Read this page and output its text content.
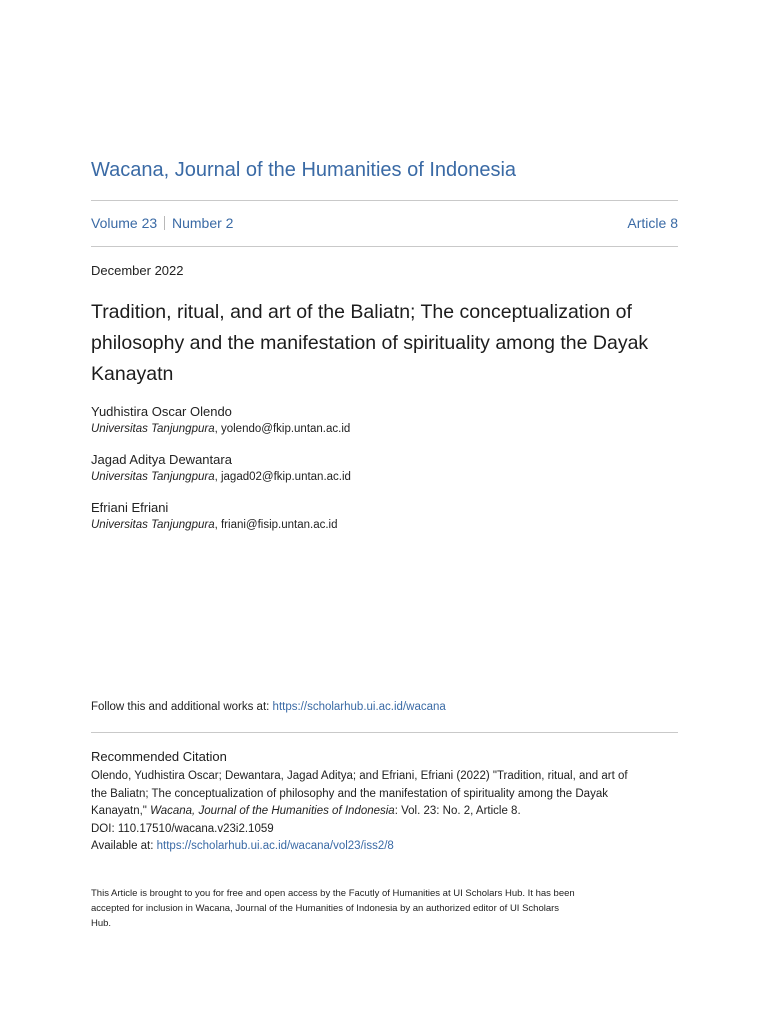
Wacana, Journal of the Humanities of Indonesia
Volume 23 Number 2	Article 8
December 2022
Tradition, ritual, and art of the Baliatn; The conceptualization of philosophy and the manifestation of spirituality among the Dayak Kanayatn
Yudhistira Oscar Olendo
Universitas Tanjungpura, yolendo@fkip.untan.ac.id
Jagad Aditya Dewantara
Universitas Tanjungpura, jagad02@fkip.untan.ac.id
Efriani Efriani
Universitas Tanjungpura, friani@fisip.untan.ac.id
Follow this and additional works at: https://scholarhub.ui.ac.id/wacana
Recommended Citation
Olendo, Yudhistira Oscar; Dewantara, Jagad Aditya; and Efriani, Efriani (2022) "Tradition, ritual, and art of
the Baliatn; The conceptualization of philosophy and the manifestation of spirituality among the Dayak
Kanayatn," Wacana, Journal of the Humanities of Indonesia: Vol. 23: No. 2, Article 8.
DOI: 110.17510/wacana.v23i2.1059
Available at: https://scholarhub.ui.ac.id/wacana/vol23/iss2/8
This Article is brought to you for free and open access by the Facutly of Humanities at UI Scholars Hub. It has been
accepted for inclusion in Wacana, Journal of the Humanities of Indonesia by an authorized editor of UI Scholars
Hub.
